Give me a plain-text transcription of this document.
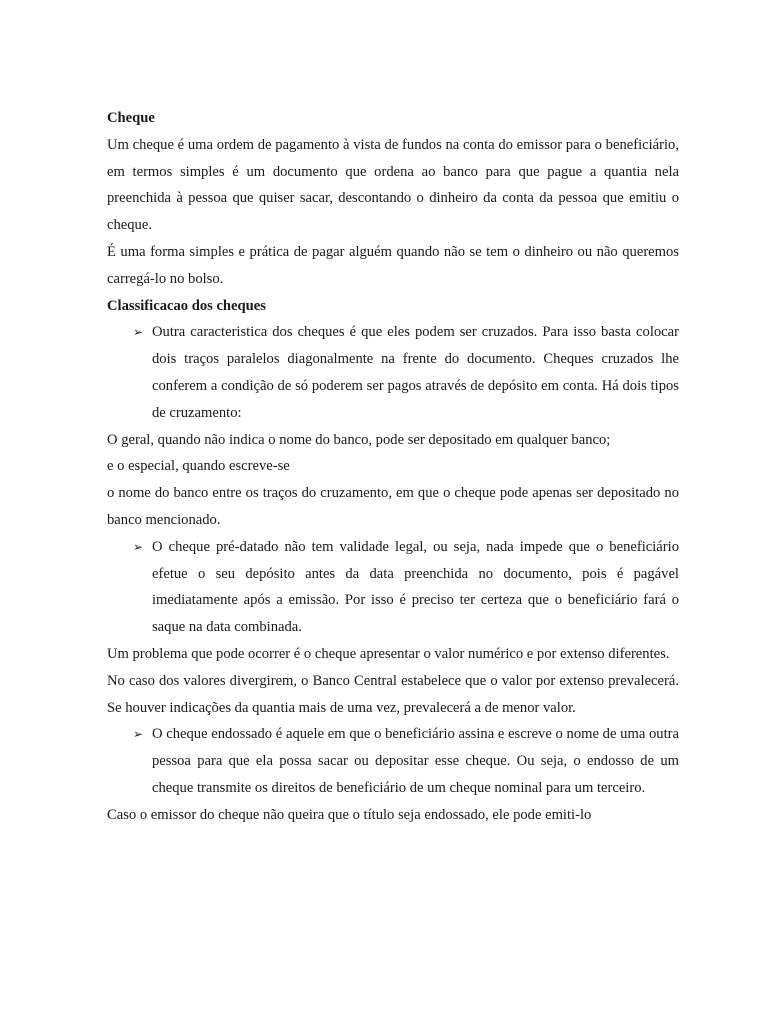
Cheque

Um cheque é uma ordem de pagamento à vista de fundos na conta do emissor para o beneficiário, em termos simples é um documento que ordena ao banco para que pague a quantia nela preenchida à pessoa que quiser sacar, descontando o dinheiro da conta da pessoa que emitiu o cheque.

É uma forma simples e prática de pagar alguém quando não se tem o dinheiro ou não queremos carregá-lo no bolso.

Classificacao dos cheques

➢ Outra caracteristica dos cheques é que eles podem ser cruzados. Para isso basta colocar dois traços paralelos diagonalmente na frente do documento. Cheques cruzados lhe conferem a condição de só poderem ser pagos através de depósito em conta. Há dois tipos de cruzamento:

O geral, quando não indica o nome do banco, pode ser depositado em qualquer banco;

e o especial, quando escreve-se

o nome do banco entre os traços do cruzamento, em que o cheque pode apenas ser depositado no banco mencionado.

➢ O cheque pré-datado não tem validade legal, ou seja, nada impede que o beneficiário efetue o seu depósito antes da data preenchida no documento, pois é pagável imediatamente após a emissão. Por isso é preciso ter certeza que o beneficiário fará o saque na data combinada.

Um problema que pode ocorrer é o cheque apresentar o valor numérico e por extenso diferentes.

No caso dos valores divergirem, o Banco Central estabelece que o valor por extenso prevalecerá. Se houver indicações da quantia mais de uma vez, prevalecerá a de menor valor.

➢ O cheque endossado é aquele em que o beneficiário assina e escreve o nome de uma outra pessoa para que ela possa sacar ou depositar esse cheque. Ou seja, o endosso de um cheque transmite os direitos de beneficiário de um cheque nominal para um terceiro.

Caso o emissor do cheque não queira que o título seja endossado, ele pode emiti-lo
